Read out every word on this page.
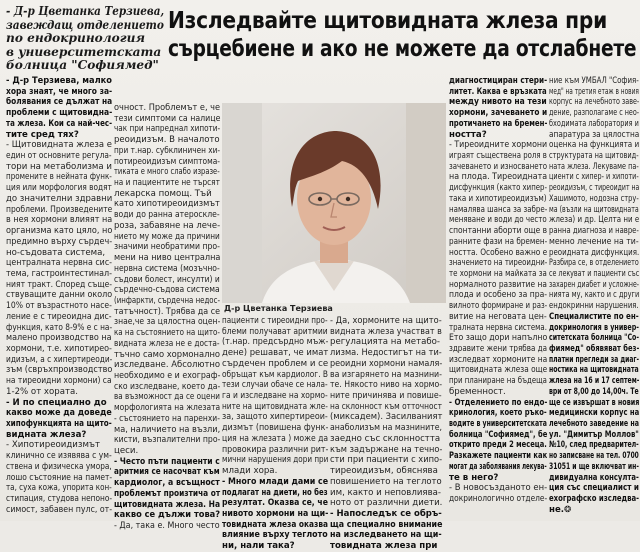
- Д-р Цветанка Терзиева,
завеждащ отделението
по ендокринология
в университетската
болница "Софиямед"
Изследвайте щитовидната жлеза при
сърцебиене и ако не можете да отслабнете
- Д-р Терзиева, малко
хора знаят, че много за-
болявания се дължат на
проблеми с щитовидна-
та жлеза. Кои са най-чес-
тите сред тях?
- Щитовидната жлеза е
един от основните регула-
тори на метаболизма и
промените в нейната функ-
ция или морфология водят
до значителни здравни
проблеми. Произведените
в нея хормони влияят на
организма като цяло, но
предимно върху сърдеч-
но-съдовата система,
централната нервна сис-
тема, гастроинтестинал-
ният тракт. Според съще-
ствуващите данни около
10% от възрастното насе-
ление е с тиреоидна дис-
функция, като 8-9% е с на-
малено производство на
хормони, т.е. хипотирео-
идизъм, а с хипертиреоди-
зъм (свръхпроизводство
на тиреоидни хормони) са
1-2% от хората.
- И по специално до
какво може да доведе
хипофункцията на щито-
видната жлеза?
- Хипотиреоидизмът
клинично се изявява с ум-
ствена и физическа умора,
лошо състояние на памет-
та, суха кожа, упорита кон-
стипация, студова непоно-
симост, забавен пулс, от-
очност. Проблемът е, че
тези симптоми са налице
чак при напреднал хипоти-
реоидизъм. В началото
при т.нар. субклиничен хи-
потиреоидизъм симптома-
тиката е много слабо изразе-
на и пациентите не търсят
лекарска помощ. Тъй
като хипотиреоидизмът
води до ранна атероскле-
роза, забавяне на лече-
нието му може да причини
значими необратими про-
мени на ниво централна
нервна система (мозъчно-
съдови болест, инсулти) и
сърдечно-съдова система
(инфаркти, сърдечна недос-
татъчност). Трябва да се
знае,че за цялостна оцен-
ка на състоянието на щито-
видната жлеза не е доста-
тъчно само хормонално
изследване. Абсолютно
необходимо е и ехограф-
ско изследване, което да-
ва възможност да се оцени
морфологията на жлезата
- състоянието на паренхи-
ма, наличието на възли,
кисти, възпалителни про-
цеси.
- Често пъти пациенти с
аритмия се насочват към
кардиолог, а всъщност
проблемът произтича от
щитовидната жлеза. На
какво се дължи това?
- Да, така е. Много често
пациенти с тиреоидни про-
блеми получават аритмии
(т.нар. предсърдно мъж-
дене) решават, че имат
сърдечен проблем и се
обръщат към кардиолог. В
тези случаи обаче се нала-
га и изследване на хормо-
ните на щитовидната жле-
за, защото хипертиреои-
дизмът (повишена функ-
ция на жлезата ) може да
провокира различни рит-
мични нарушения дори при
млади хора.
- Много млади дами се
подлагат на диети, но без
резултат. Оказва се, че
нивото хормони на щи-
товидната жлеза оказва
влияние върху теглото
ни, нали така?
- Да, хормоните на щито-
видната жлеза участват в
регулацията на метабо-
лизма. Недостигът на ти-
реоидни хормони намаля-
ва изгарянето на мазнини-
те. Някосто ниво на хормо-
ните причинява и повише-
на склонност към отточност
(миксадем). Засилваният
анаболизъм на мазнините,
заедно със склонността
към задържане на течно-
сти при пациенти с хипо-
тиреоидизъм, обяснява
повишението на теглото
им, както и неповлиява-
ното от различни диети.
- Напоследък се обръ-
ща специално внимание
на изследването на щи-
товидната жлеза при
диагностициран стери-
литет. Каква е връзката
между нивото на тези
хормони, зачеването и
протичането на бремен-
ността?
- Тиреоидните хормони
играят съществена роля в
зачеването и износването
на плода. Тиреоидната
дисфункция (както хипер-
така и хипотиреоидизъм)
намалява шанса за забре-
меняване и води до често
спонтанни аборти още в
ранните фази на бремен-
ността. Особено важно е
значението на тиреоидни-
те хормони на майката за
нормалното развитие на
плода и особено за пра-
вилното формиране и раз-
витие на неговата цен-
тралната нервна система.
Ето защо дори напълно
здравите жени трябва да
изследват хормоните на
щитовидната жлеза още
при планиране на бъдеща
бременност.
- Отделението по ендо-
кринология, което ръко-
водите в университетската
болница "Софиямед", бе
открито преди 2 месеца.
Разкажете пациенти как
могат да заболявания лекува-
те в него?
- В новосъзданото ен-
докринологично отделе-
ние към УМБАЛ "София-
мед" на третия етаж в новия
корпус на лечебното заве-
дение, разполагаме с нео-
бходимата лаборатория и
апаратура за цялостна
оценка на функцията и
структурата на щитовид-
ната жлеза. Лекуваме па-
циенти с хипер- и хипоти-
реоидизъм, с тиреоидит на
Хашимото, нодозна стру-
ма (възли на щитовидната
жлеза) и др. Целта ни е
ранна диагноза и навре-
менно лечение на ти-
реоидната дисфункция.
Разбира се, в отделението
се лекуват и пациенти със
захарен диабет и усложне-
нията му, както и с други
ендокринни нарушения.
Специалистите по ен-
докринология в универ-
ситетската болница "Со-
фиямед" обявяват без-
платни прегледи за диаг-
ностика на щитовидната
жлеза на 16 и 17 септем-
ври от 8,00 до 14,00ч. Те
ще се извършат в новия
медицински корпус на
лечебното заведение на
ул. "Димитър Моллов"
№10, след предварител-
но записване на тел. 0700
31051 и ще включват ин-
дивидуална консулта-
ция със специалист и
ехографско изследва-
не.❂
Д-р Цветанка Терзиева
